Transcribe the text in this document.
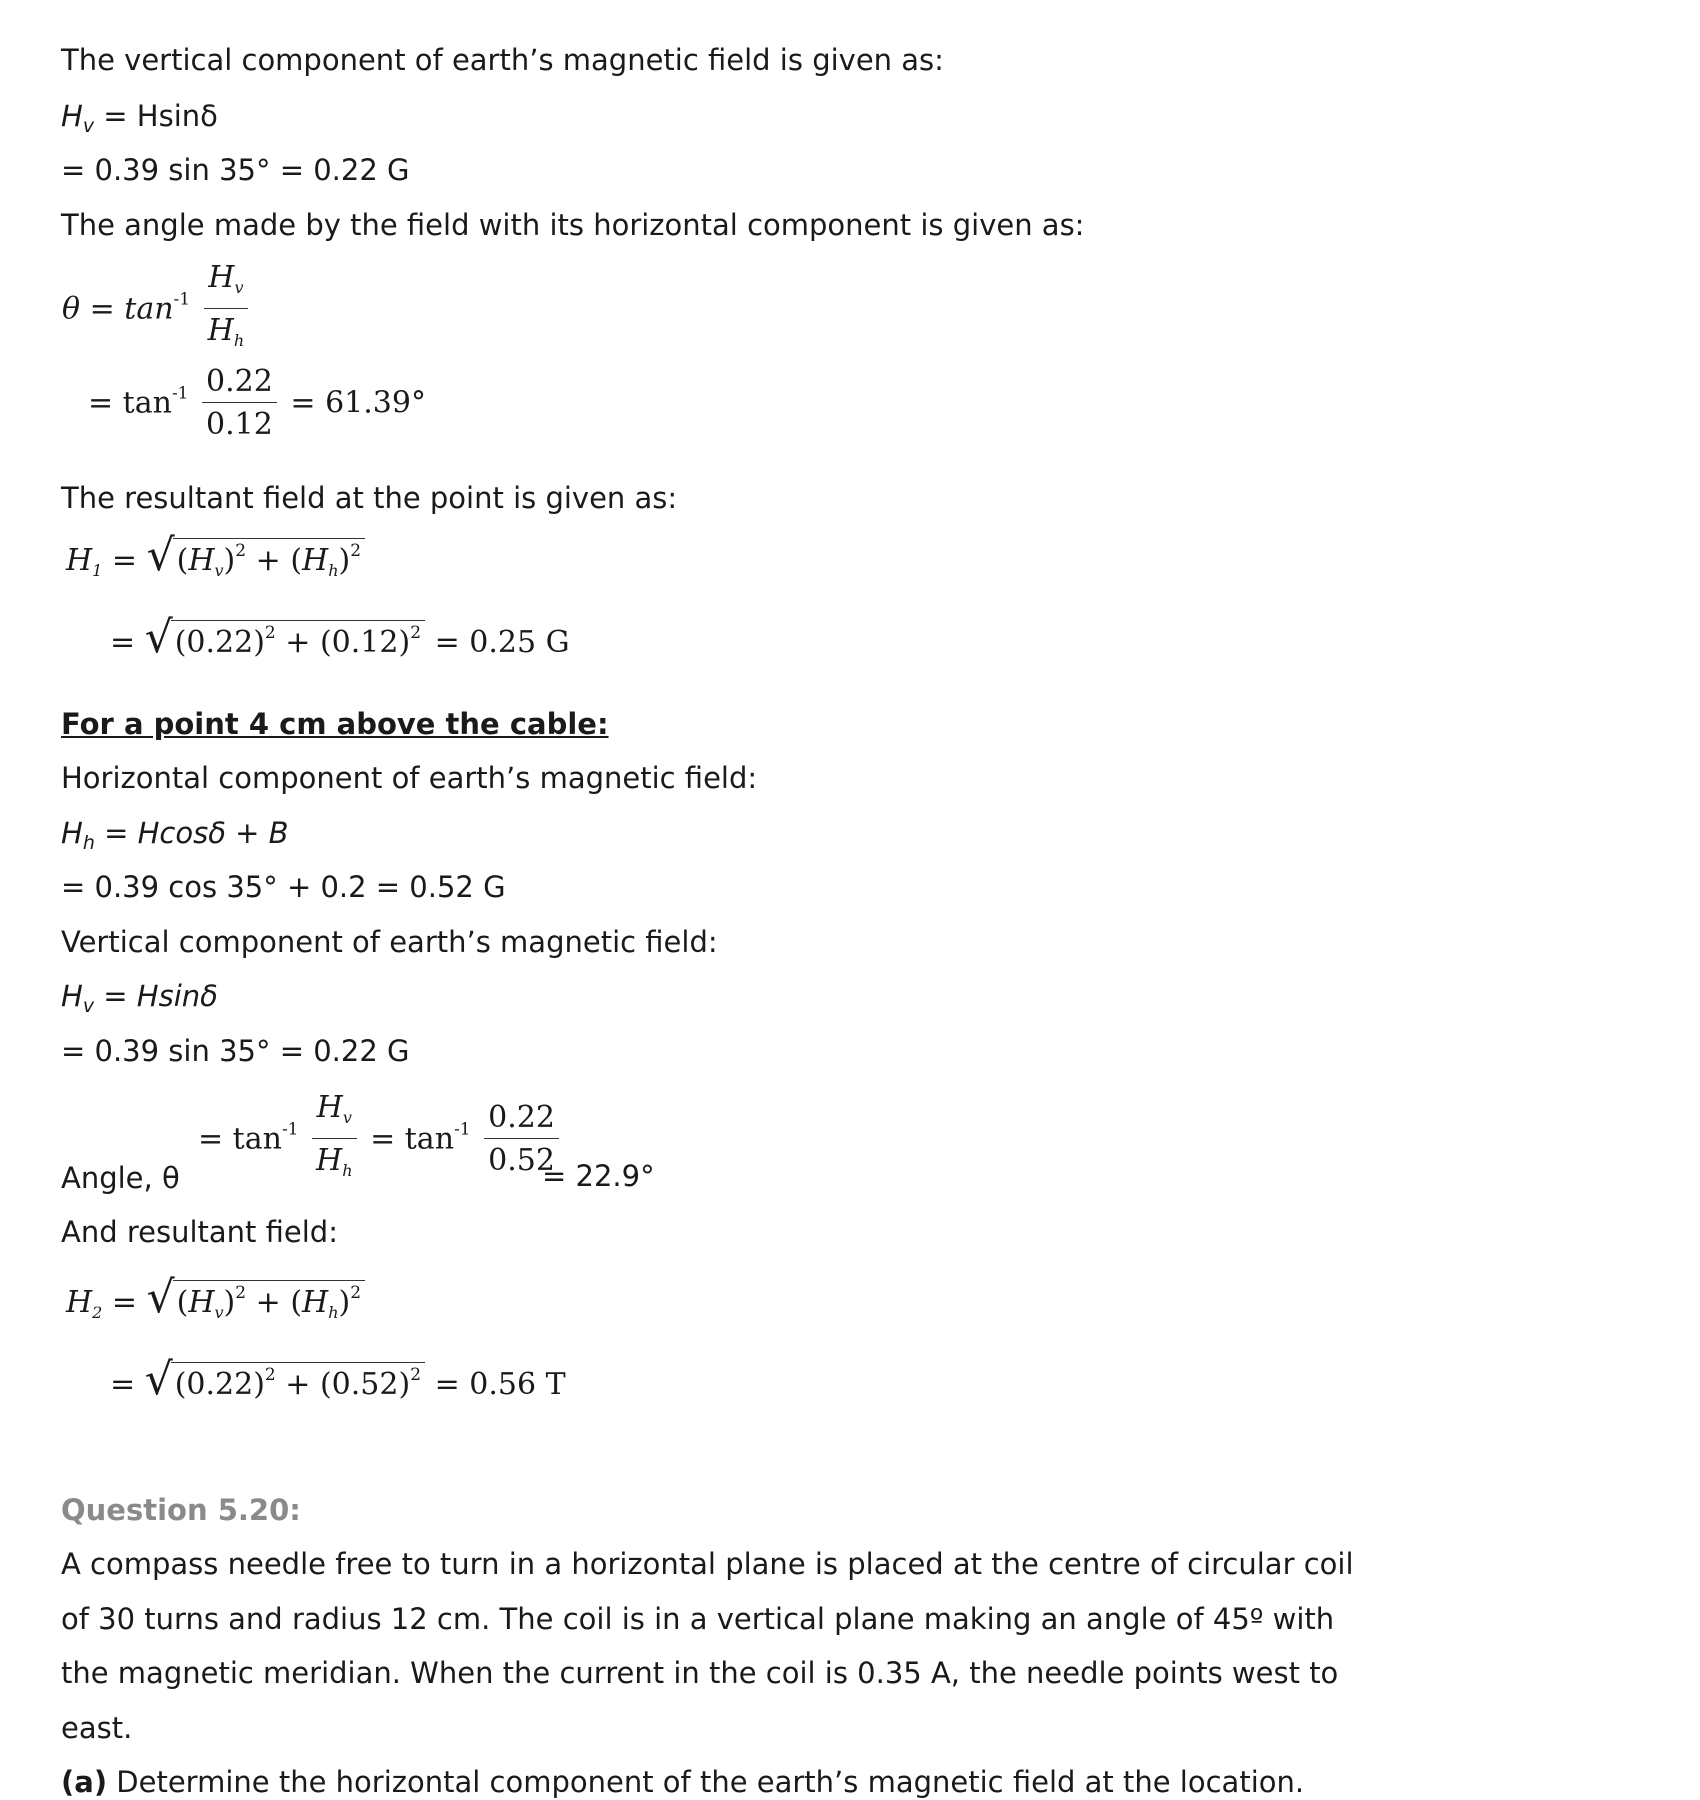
The vertical component of earth’s magnetic field is given as:
$H_v = Hsin\delta$
= 0.39 sin 35° = 0.22 G
The angle made by the field with its horizontal component is given as:
$\theta = \tan^{-1} \frac{H_v}{H_h}$
= $\tan^{-1} \frac{0.22}{0.12} = 61.39^\circ$
The resultant field at the point is given as:
$H_1$ = √ $(H_v)^2 + (H_h)^2$
= √ $(0.22)^2 + (0.12)^2 = 0.25$ G
For a point 4 cm above the cable:
Horizontal component of earth’s magnetic field:
$H_h = Hcos\delta + B$
= 0.39 cos 35° + 0.2 = 0.52 G
Vertical component of earth’s magnetic field:
$H_v = Hsin\delta$
= 0.39 sin 35° = 0.22 G
= $\tan^{-1} \frac{H_v}{H_h} = \tan^{-1} \frac{0.22}{0.52}$
Angle, θ	= 22.9°
And resultant field:
$H_2$ = √ $(H_v)^2 + (H_h)^2$
= √ $(0.22)^2 + (0.52)^2 = 0.56$ T
Question 5.20:
A compass needle free to turn in a horizontal plane is placed at the centre of circular coil
of 30 turns and radius 12 cm. The coil is in a vertical plane making an angle of 45º with
the magnetic meridian. When the current in the coil is 0.35 A, the needle points west to
east.
(a) Determine the horizontal component of the earth’s magnetic field at the location.
